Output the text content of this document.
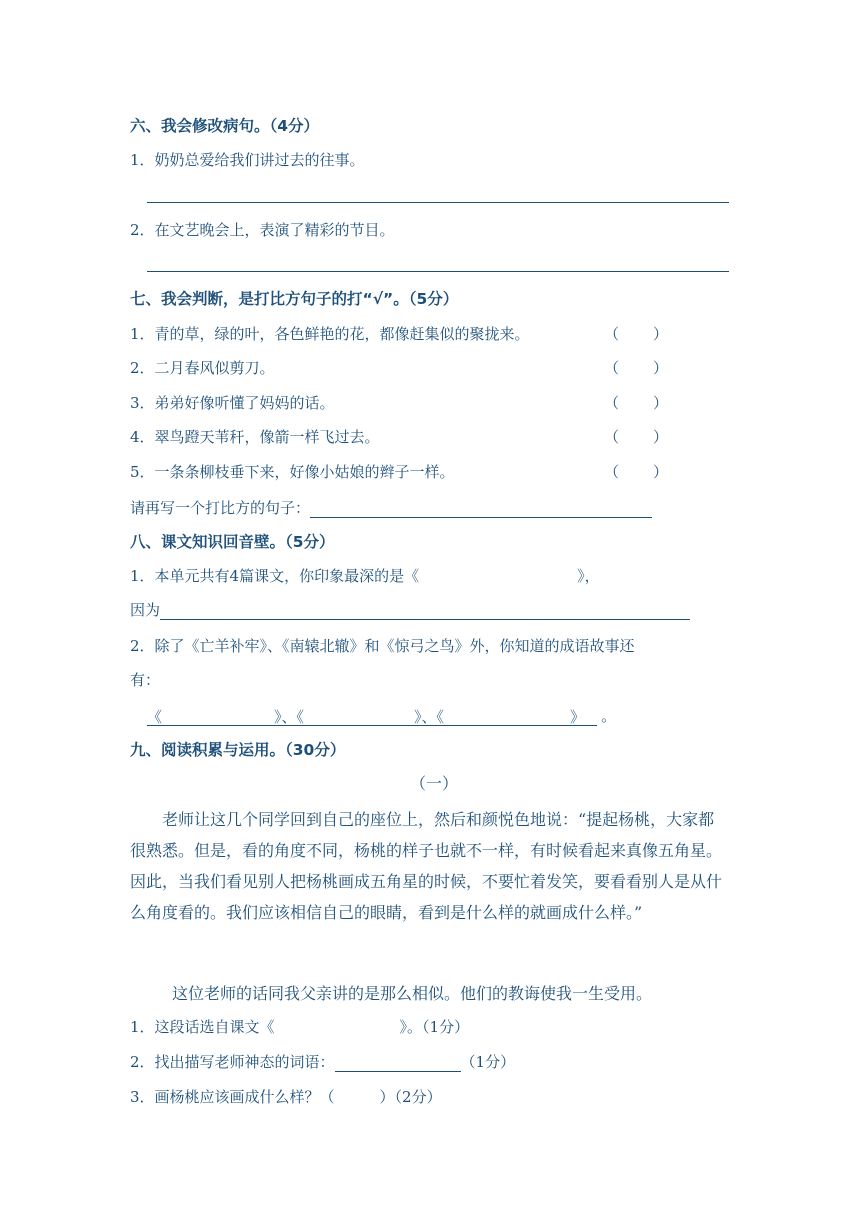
六、我会修改病句。（4分）
1．奶奶总爱给我们讲过去的往事。
2．在文艺晚会上，表演了精彩的节目。
七、我会判断，是打比方句子的打“√”。（5分）
1．青的草，绿的叶，各色鲜艳的花，都像赶集似的聚拢来。	（ ）
2．二月春风似剪刀。	（ ）
3．弟弟好像听懂了妈妈的话。	（ ）
4．翠鸟蹬天苇秆，像箭一样飞过去。	（ ）
5．一条条柳枝垂下来，好像小姑娘的辫子一样。	（ ）
请再写一个打比方的句子：
八、课文知识回音壁。（5分）
1．本单元共有4篇课文，你印象最深的是《	》，
因为
2．除了《亡羊补牢》、《南辕北辙》和《惊弓之鸟》外，你知道的成语故事还
有：
《	》、《	》、《	》 。
九、阅读积累与运用。（30分）
（一）
老师让这几个同学回到自己的座位上，然后和颜悦色地说：“提起杨桃，大家都很熟悉。但是，看的角度不同，杨桃的样子也就不一样，有时候看起来真像五角星。因此，当我们看见别人把杨桃画成五角星的时候，不要忙着发笑，要看看别人是从什么角度看的。我们应该相信自己的眼睛，看到是什么样的就画成什么样。”
这位老师的话同我父亲讲的是那么相似。他们的教诲使我一生受用。
1．这段话选自课文《	》。（1分）
2．找出描写老师神态的词语：	（1分）
3．画杨桃应该画成什么样？（　　　）（2分）
